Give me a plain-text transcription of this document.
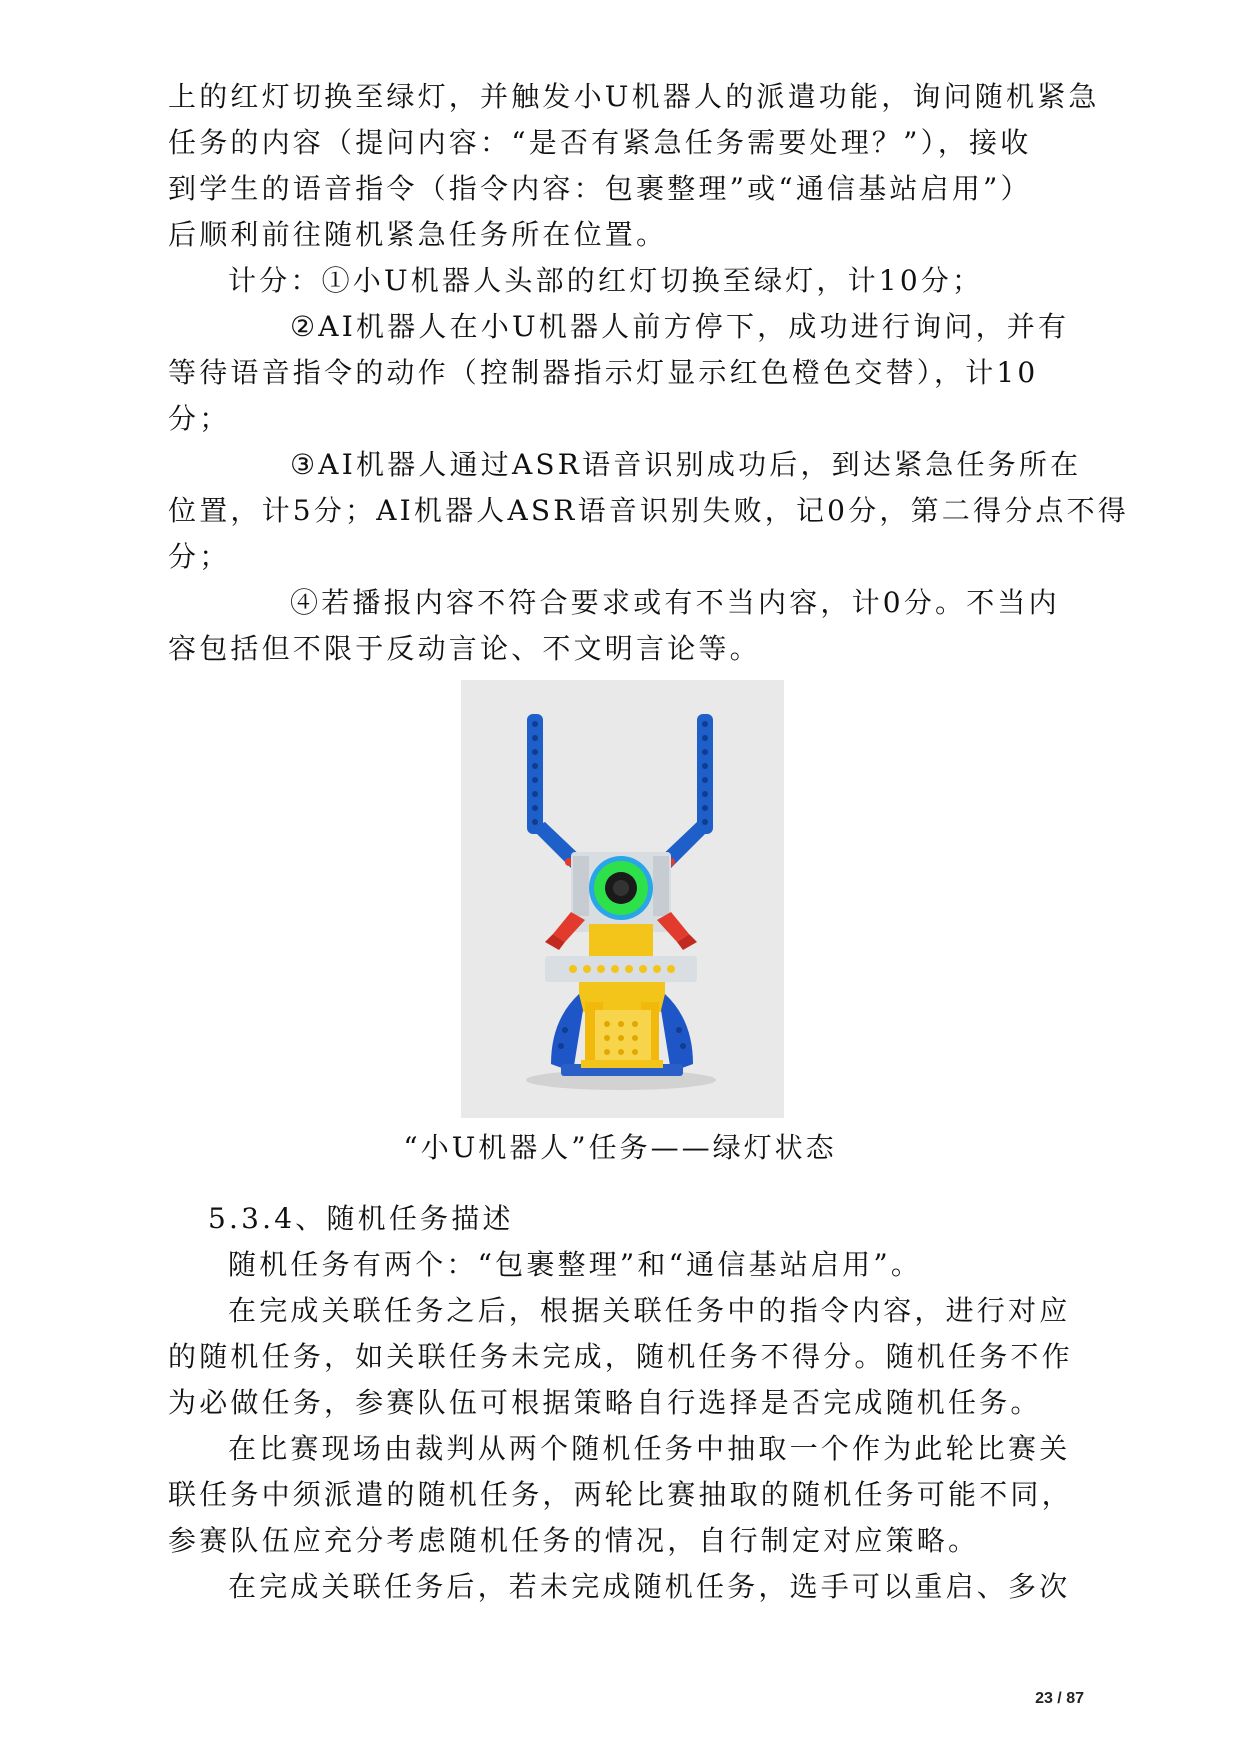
上的红灯切换至绿灯，并触发小U机器人的派遣功能，询问随机紧急
任务的内容（提问内容：“是否有紧急任务需要处理？”），接收
到学生的语音指令（指令内容：包裹整理”或“通信基站启用”）
后顺利前往随机紧急任务所在位置。
计分：①小U机器人头部的红灯切换至绿灯，计10分；
②AI机器人在小U机器人前方停下，成功进行询问，并有
等待语音指令的动作（控制器指示灯显示红色橙色交替），计10
分；
③AI机器人通过ASR语音识别成功后，到达紧急任务所在
位置，计5分；AI机器人ASR语音识别失败，记0分，第二得分点不得
分；
④若播报内容不符合要求或有不当内容，计0分。不当内
容包括但不限于反动言论、不文明言论等。
“小U机器人”任务——绿灯状态
5.3.4、随机任务描述
随机任务有两个：“包裹整理”和“通信基站启用”。
在完成关联任务之后，根据关联任务中的指令内容，进行对应
的随机任务，如关联任务未完成，随机任务不得分。随机任务不作
为必做任务，参赛队伍可根据策略自行选择是否完成随机任务。
在比赛现场由裁判从两个随机任务中抽取一个作为此轮比赛关
联任务中须派遣的随机任务，两轮比赛抽取的随机任务可能不同，
参赛队伍应充分考虑随机任务的情况，自行制定对应策略。
在完成关联任务后，若未完成随机任务，选手可以重启、多次
23 / 87
